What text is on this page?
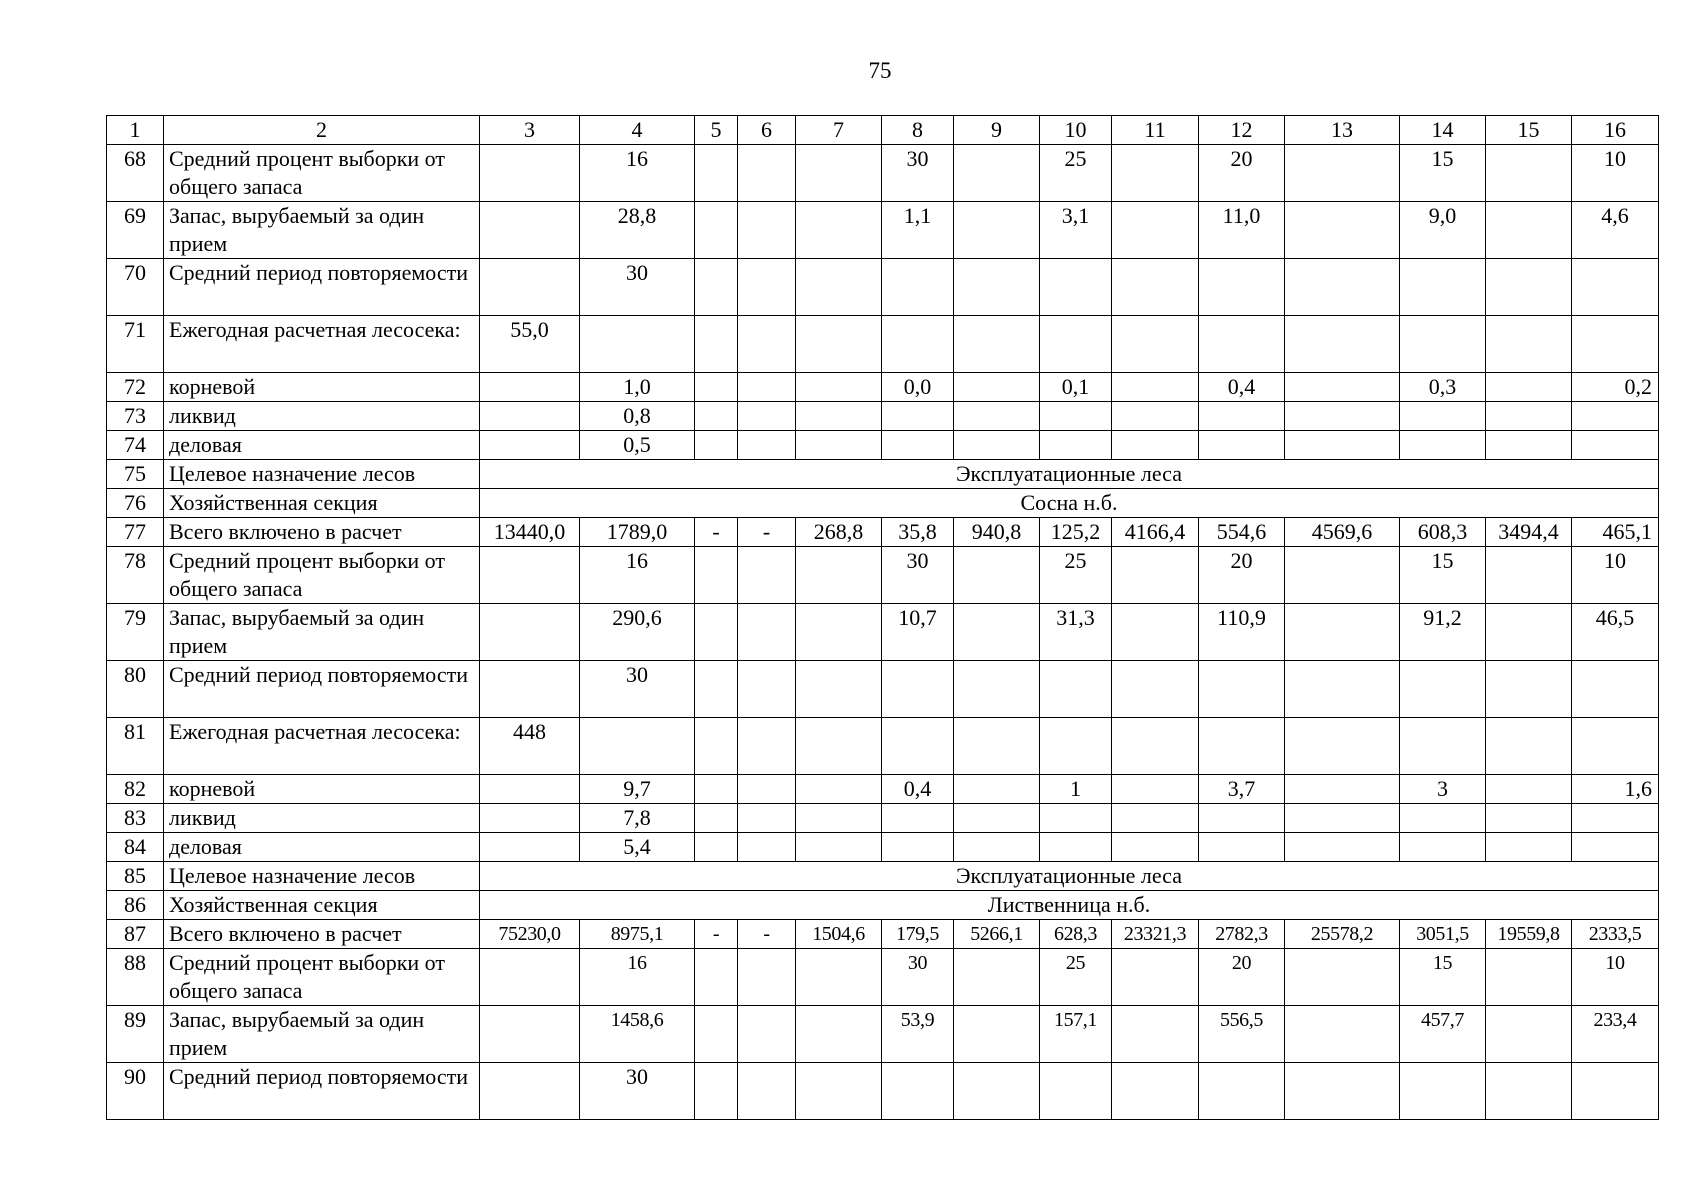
75
1	2	3	4	5	6	7	8	9	10	11	12	13	14	15	16
68	Средний процент выборки от общего запаса		16				30		25		20		15		10
69	Запас, вырубаемый за один прием		28,8				1,1		3,1		11,0		9,0		4,6
70	Средний период повторяемости		30												
71	Ежегодная расчетная лесосека:	55,0													
72	корневой		1,0				0,0		0,1		0,4		0,3		0,2
73	ликвид		0,8												
74	деловая		0,5												
75	Целевое назначение лесов	Эксплуатационные леса													
76	Хозяйственная секция	Сосна н.б.													
77	Всего включено в расчет	13440,0	1789,0	-	-	268,8	35,8	940,8	125,2	4166,4	554,6	4569,6	608,3	3494,4	465,1
78	Средний процент выборки от общего запаса		16				30		25		20		15		10
79	Запас, вырубаемый за один прием		290,6				10,7		31,3		110,9		91,2		46,5
80	Средний период повторяемости		30												
81	Ежегодная расчетная лесосека:	448													
82	корневой		9,7				0,4		1		3,7		3		1,6
83	ликвид		7,8												
84	деловая		5,4												
85	Целевое назначение лесов	Эксплуатационные леса													
86	Хозяйственная секция	Лиственница н.б.													
87	Всего включено в расчет	75230,0	8975,1	-	-	1504,6	179,5	5266,1	628,3	23321,3	2782,3	25578,2	3051,5	19559,8	2333,5
88	Средний процент выборки от общего запаса		16				30		25		20		15		10
89	Запас, вырубаемый за один прием		1458,6				53,9		157,1		556,5		457,7		233,4
90	Средний период повторяемости		30												
